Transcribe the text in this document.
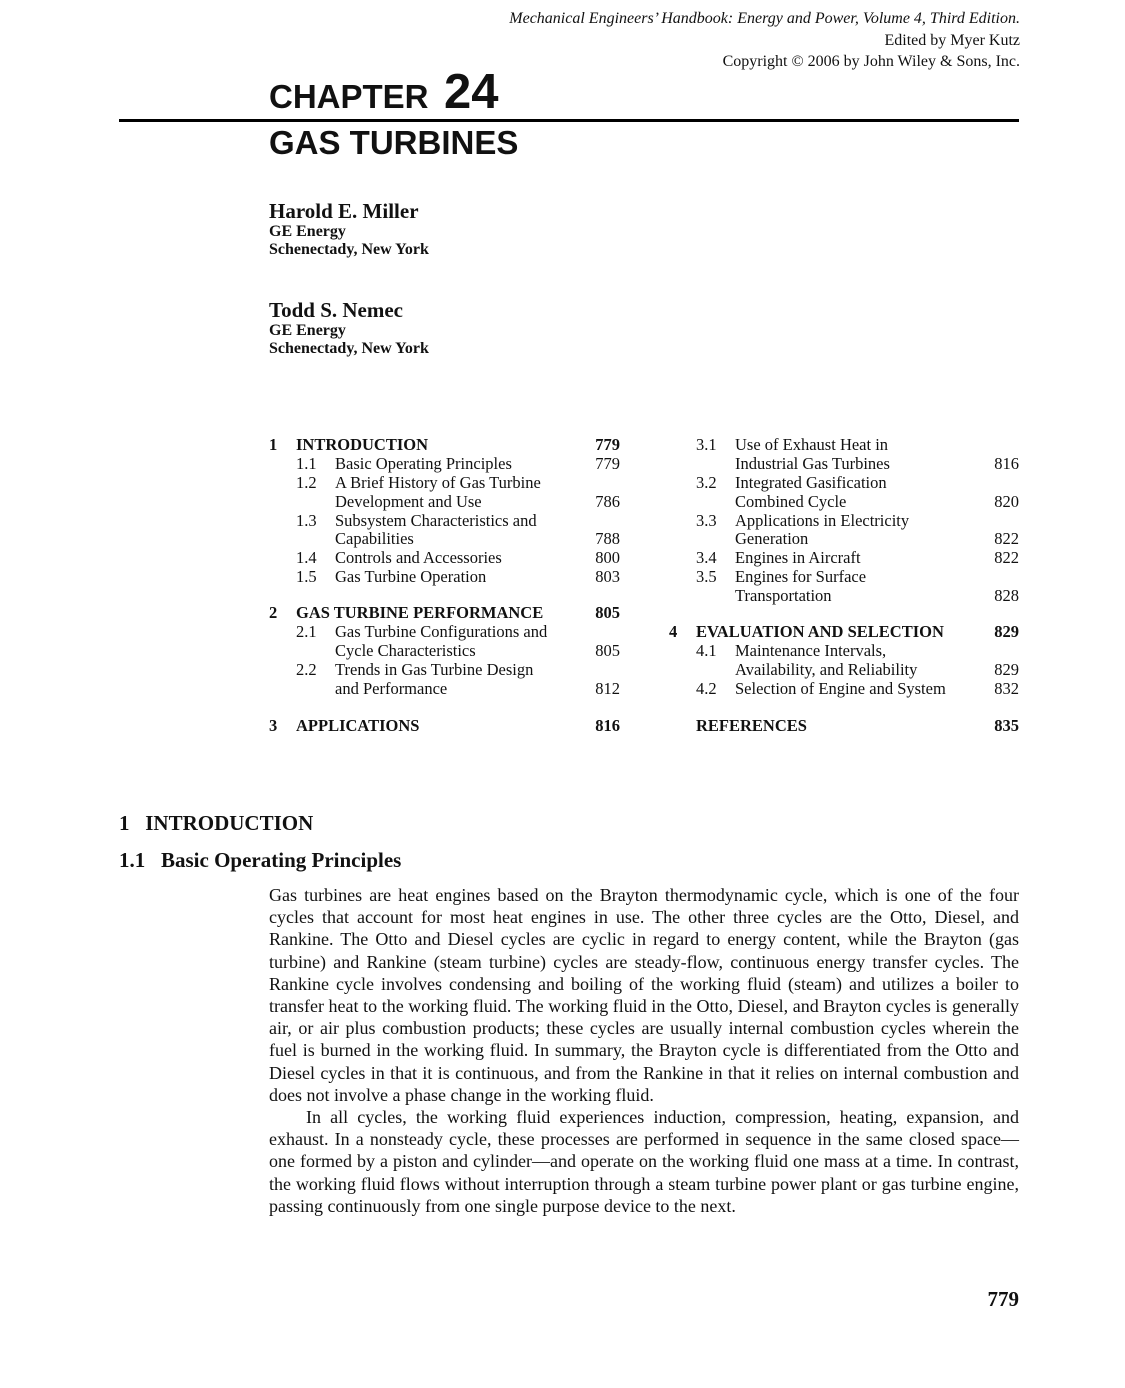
Mechanical Engineers’ Handbook: Energy and Power, Volume 4, Third Edition.
Edited by Myer Kutz
Copyright © 2006 by John Wiley & Sons, Inc.
CHAPTER 24
GAS TURBINES
Harold E. Miller
GE Energy
Schenectady, New York
Todd S. Nemec
GE Energy
Schenectady, New York
1 INTRODUCTION	779
1.1 Basic Operating Principles	779
1.2 A Brief History of Gas Turbine
Development and Use	786
1.3 Subsystem Characteristics and
Capabilities	788
1.4 Controls and Accessories	800
1.5 Gas Turbine Operation	803
2 GAS TURBINE PERFORMANCE	805
2.1 Gas Turbine Configurations and
Cycle Characteristics	805
2.2 Trends in Gas Turbine Design
and Performance	812
3 APPLICATIONS	816
3.1 Use of Exhaust Heat in
Industrial Gas Turbines	816
3.2 Integrated Gasification
Combined Cycle	820
3.3 Applications in Electricity
Generation	822
3.4 Engines in Aircraft	822
3.5 Engines for Surface
Transportation	828
4 EVALUATION AND SELECTION	829
4.1 Maintenance Intervals,
Availability, and Reliability	829
4.2 Selection of Engine and System	832
REFERENCES	835
1   INTRODUCTION
1.1   Basic Operating Principles

Gas turbines are heat engines based on the Brayton thermodynamic cycle, which is one of the four cycles that account for most heat engines in use. The other three cycles are the Otto, Diesel, and Rankine. The Otto and Diesel cycles are cyclic in regard to energy content, while the Brayton (gas turbine) and Rankine (steam turbine) cycles are steady-flow, continuous energy transfer cycles. The Rankine cycle involves condensing and boiling of the working fluid (steam) and utilizes a boiler to transfer heat to the working fluid. The working fluid in the Otto, Diesel, and Brayton cycles is generally air, or air plus combustion products; these cycles are usually internal combustion cycles wherein the fuel is burned in the working fluid. In summary, the Brayton cycle is differentiated from the Otto and Diesel cycles in that it is continuous, and from the Rankine in that it relies on internal combustion and does not involve a phase change in the working fluid.

In all cycles, the working fluid experiences induction, compression, heating, expansion, and exhaust. In a nonsteady cycle, these processes are performed in sequence in the same closed space—one formed by a piston and cylinder—and operate on the working fluid one mass at a time. In contrast, the working fluid flows without interruption through a steam turbine power plant or gas turbine engine, passing continuously from one single purpose device to the next.

779
